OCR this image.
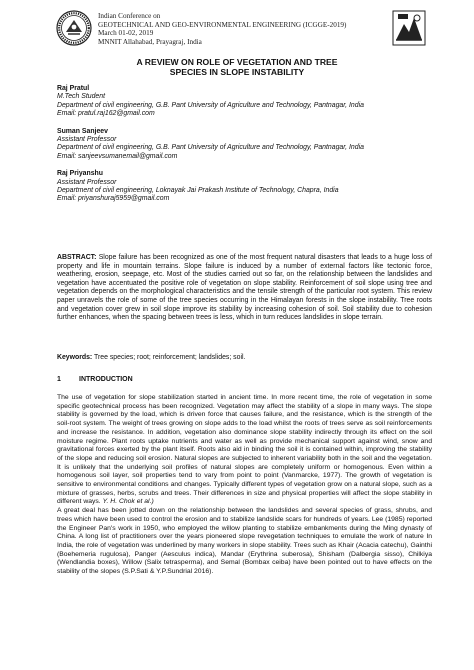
Indian Conference on
GEOTECHNICAL AND GEO-ENVIRONMENTAL ENGINEERING (ICGGE-2019)
March 01-02, 2019
MNNIT Allahabad, Prayagraj, India
A REVIEW ON ROLE OF VEGETATION AND TREE
SPECIES IN SLOPE INSTABILITY
Raj Pratul
M.Tech Student
Department of civil engineering, G.B. Pant University of Agriculture and Technology, Pantnagar, India
Email: pratul.raj162@gmail.com
Suman Sanjeev
Assistant Professor
Department of civil engineering, G.B. Pant University of Agriculture and Technology, Pantnagar, India
Email: sanjeevsumanemail@gmail.com
Raj Priyanshu
Assistant Professor
Department of civil engineering, Loknayak Jai Prakash Institute of Technology, Chapra, India
Email: priyanshuraj5959@gmail.com
ABSTRACT: Slope failure has been recognized as one of the most frequent natural disasters that leads to a huge loss of property and life in mountain terrains. Slope failure is induced by a number of external factors like tectonic force, weathering, erosion, seepage, etc. Most of the studies carried out so far, on the relationship between the landslides and vegetation have accentuated the positive role of vegetation on slope stability. Reinforcement of soil slope using tree and vegetation depends on the morphological characteristics and the tensile strength of the particular root system. This review paper unravels the role of some of the tree species occurring in the Himalayan forests in the slope instability. Tree roots and vegetation cover grew in soil slope improve its stability by increasing cohesion of soil. Soil stability due to cohesion further enhances, when the spacing between trees is less, which in turn reduces landslides in slope terrain.
Keywords: Tree species; root; reinforcement; landslides; soil.
1	INTRODUCTION

The use of vegetation for slope stabilization started in ancient time. In more recent time, the role of vegetation in some specific geotechnical process has been recognized. Vegetation may affect the stability of a slope in many ways. The slope stability is governed by the load, which is driven force that causes failure, and the resistance, which is the strength of the soil-root system. The weight of trees growing on slope adds to the load whilst the roots of trees serve as soil reinforcements and increase the resistance. In addition, vegetation also dominance slope stability indirectly through its effect on the soil moisture regime. Plant roots uptake nutrients and water as well as provide mechanical support against wind, snow and gravitational forces exerted by the plant itself. Roots also aid in binding the soil it is contained within, improving the stability of the slope and reducing soil erosion. Natural slopes are subjected to inherent variability both in the soil and the vegetation. It is unlikely that the underlying soil profiles of natural slopes are completely uniform or homogenous. Even within a homogenous soil layer, soil properties tend to vary from point to point (Vanmarcke, 1977). The growth of vegetation is sensitive to environmental conditions and changes. Typically different types of vegetation grow on a natural slope, such as a mixture of grasses, herbs, scrubs and trees. Their differences in size and physical properties will affect the slope stability in different ways. Y. H. Chok et al.)

A great deal has been jotted down on the relationship between the landslides and several species of grass, shrubs, and trees which have been used to control the erosion and to stabilize landslide scars for hundreds of years. Lee (1985) reported the Engineer Pan's work in 1950, who employed the willow planting to stabilize embankments during the Ming dynasty of China. A long list of practitioners over the years pioneered slope revegetation techniques to emulate the work of nature In India, the role of vegetation was underlined by many workers in slope stability. Trees such as Khair (Acacia catechu), Gainthi (Boehemeria rugulosa), Panger (Aesculus indica), Mandar (Erythrina suberosa), Shisham (Dalbergia sisso), Chilkiya (Wendlandia boxes), Willow (Salix tetrasperma), and Semal (Bombax ceiba) have been pointed out to have effects on the stability of the slopes (S.P.Sati & Y.P.Sundrial 2016).
